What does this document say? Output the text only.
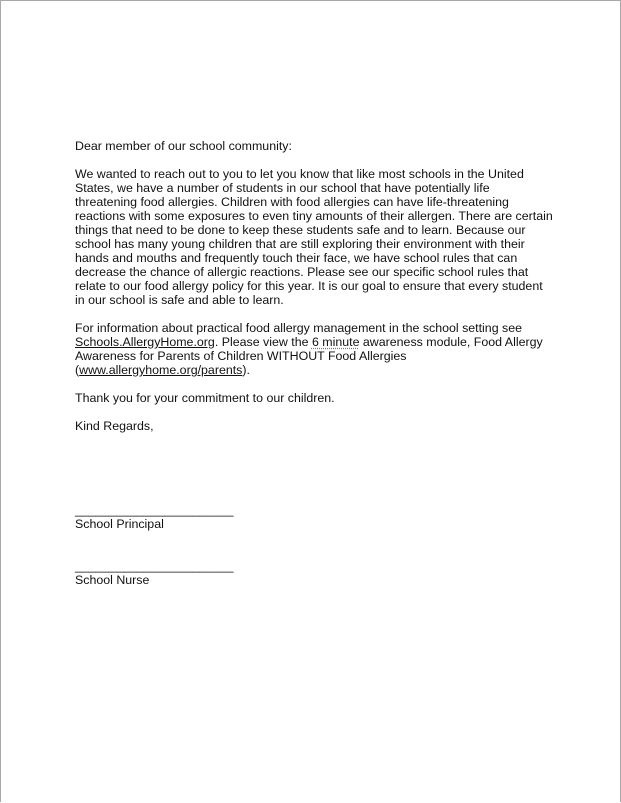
Dear member of our school community:

We wanted to reach out to you to let you know that like most schools in the United States, we have a number of students in our school that have potentially life threatening food allergies. Children with food allergies can have life-threatening reactions with some exposures to even tiny amounts of their allergen. There are certain things that need to be done to keep these students safe and to learn. Because our school has many young children that are still exploring their environment with their hands and mouths and frequently touch their face, we have school rules that can decrease the chance of allergic reactions. Please see our specific school rules that relate to our food allergy policy for this year. It is our goal to ensure that every student in our school is safe and able to learn.

For information about practical food allergy management in the school setting see Schools.AllergyHome.org. Please view the 6 minute awareness module, Food Allergy Awareness for Parents of Children WITHOUT Food Allergies (www.allergyhome.org/parents).

Thank you for your commitment to our children.

Kind Regards,

_______________________
School Principal
_______________________
School Nurse
